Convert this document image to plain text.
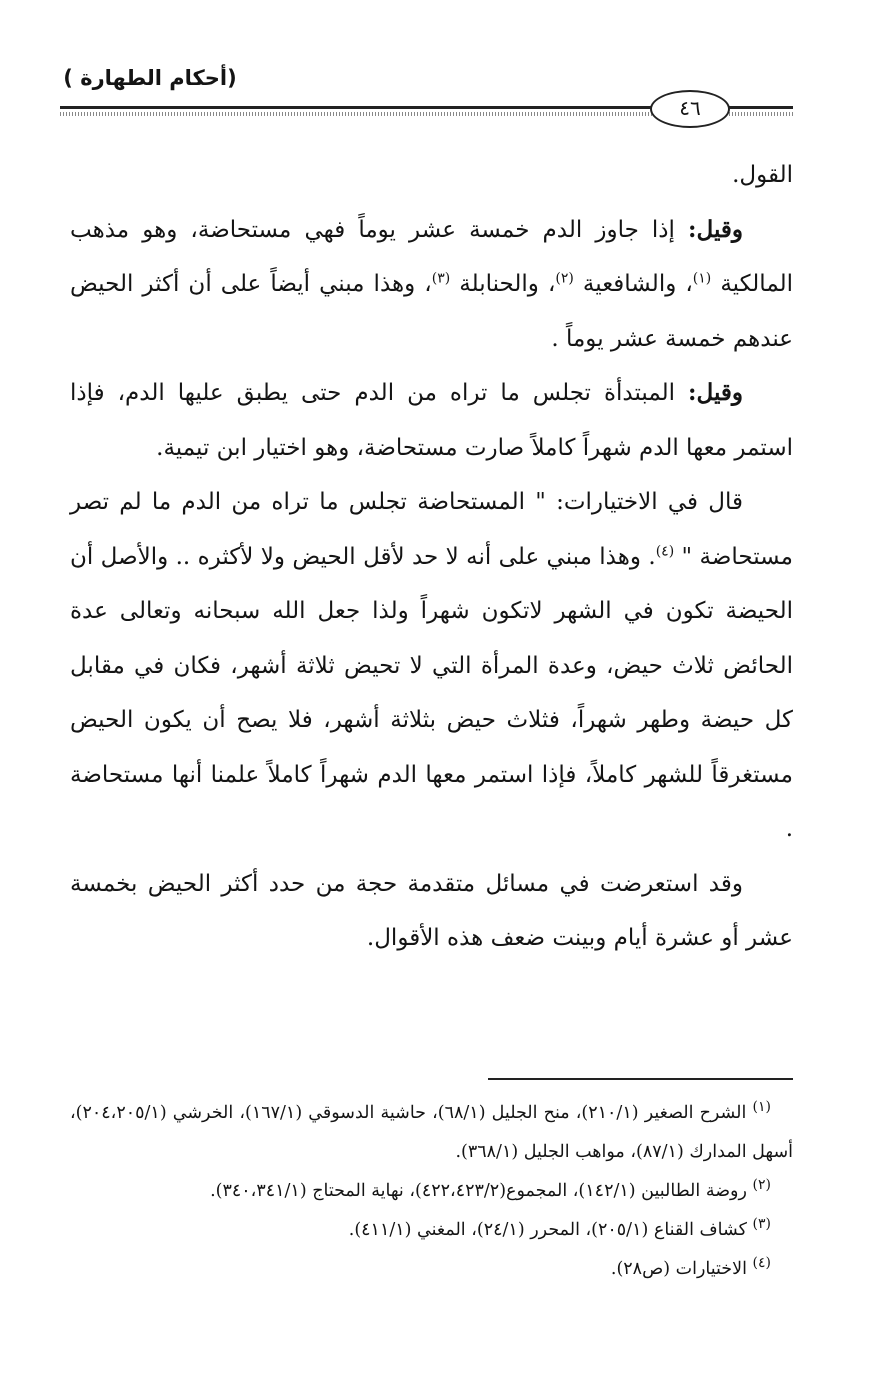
(أحكام الطهارة )
٤٦

القول.

وقيل: إذا جاوز الدم خمسة عشر يوماً فهي مستحاضة، وهو مذهب المالكية $^{(١)}$، والشافعية $^{(٢)}$، والحنابلة $^{(٣)}$، وهذا مبني أيضاً على أن أكثر الحيض عندهم خمسة عشر يوماً .

وقيل: المبتدأة تجلس ما تراه من الدم حتى يطبق عليها الدم، فإذا استمر معها الدم شهراً كاملاً صارت مستحاضة، وهو اختيار ابن تيمية.

قال في الاختيارات: " المستحاضة تجلس ما تراه من الدم ما لم تصر مستحاضة " $^{(٤)}$. وهذا مبني على أنه لا حد لأقل الحيض ولا لأكثره .. والأصل أن الحيضة تكون في الشهر لاتكون شهراً ولذا جعل الله سبحانه وتعالى عدة الحائض ثلاث حيض، وعدة المرأة التي لا تحيض ثلاثة أشهر، فكان في مقابل كل حيضة وطهر شهراً، فثلاث حيض بثلاثة أشهر، فلا يصح أن يكون الحيض مستغرقاً للشهر كاملاً، فإذا استمر معها الدم شهراً كاملاً علمنا أنها مستحاضة .

وقد استعرضت في مسائل متقدمة حجة من حدد أكثر الحيض بخمسة عشر أو عشرة أيام وبينت ضعف هذه الأقوال.

$^{(١)}$ الشرح الصغير (٢١٠/١)، منح الجليل (٦٨/١)، حاشية الدسوقي (١٦٧/١)، الخرشي (٢٠٤،٢٠٥/١)، أسهل المدارك (٨٧/١)، مواهب الجليل (٣٦٨/١).

$^{(٢)}$ روضة الطالبين (١٤٢/١)، المجموع(٤٢٢،٤٢٣/٢)، نهاية المحتاج (٣٤٠،٣٤١/١).

$^{(٣)}$ كشاف القناع (٢٠٥/١)، المحرر (٢٤/١)، المغني (٤١١/١).

$^{(٤)}$ الاختيارات (ص٢٨).
